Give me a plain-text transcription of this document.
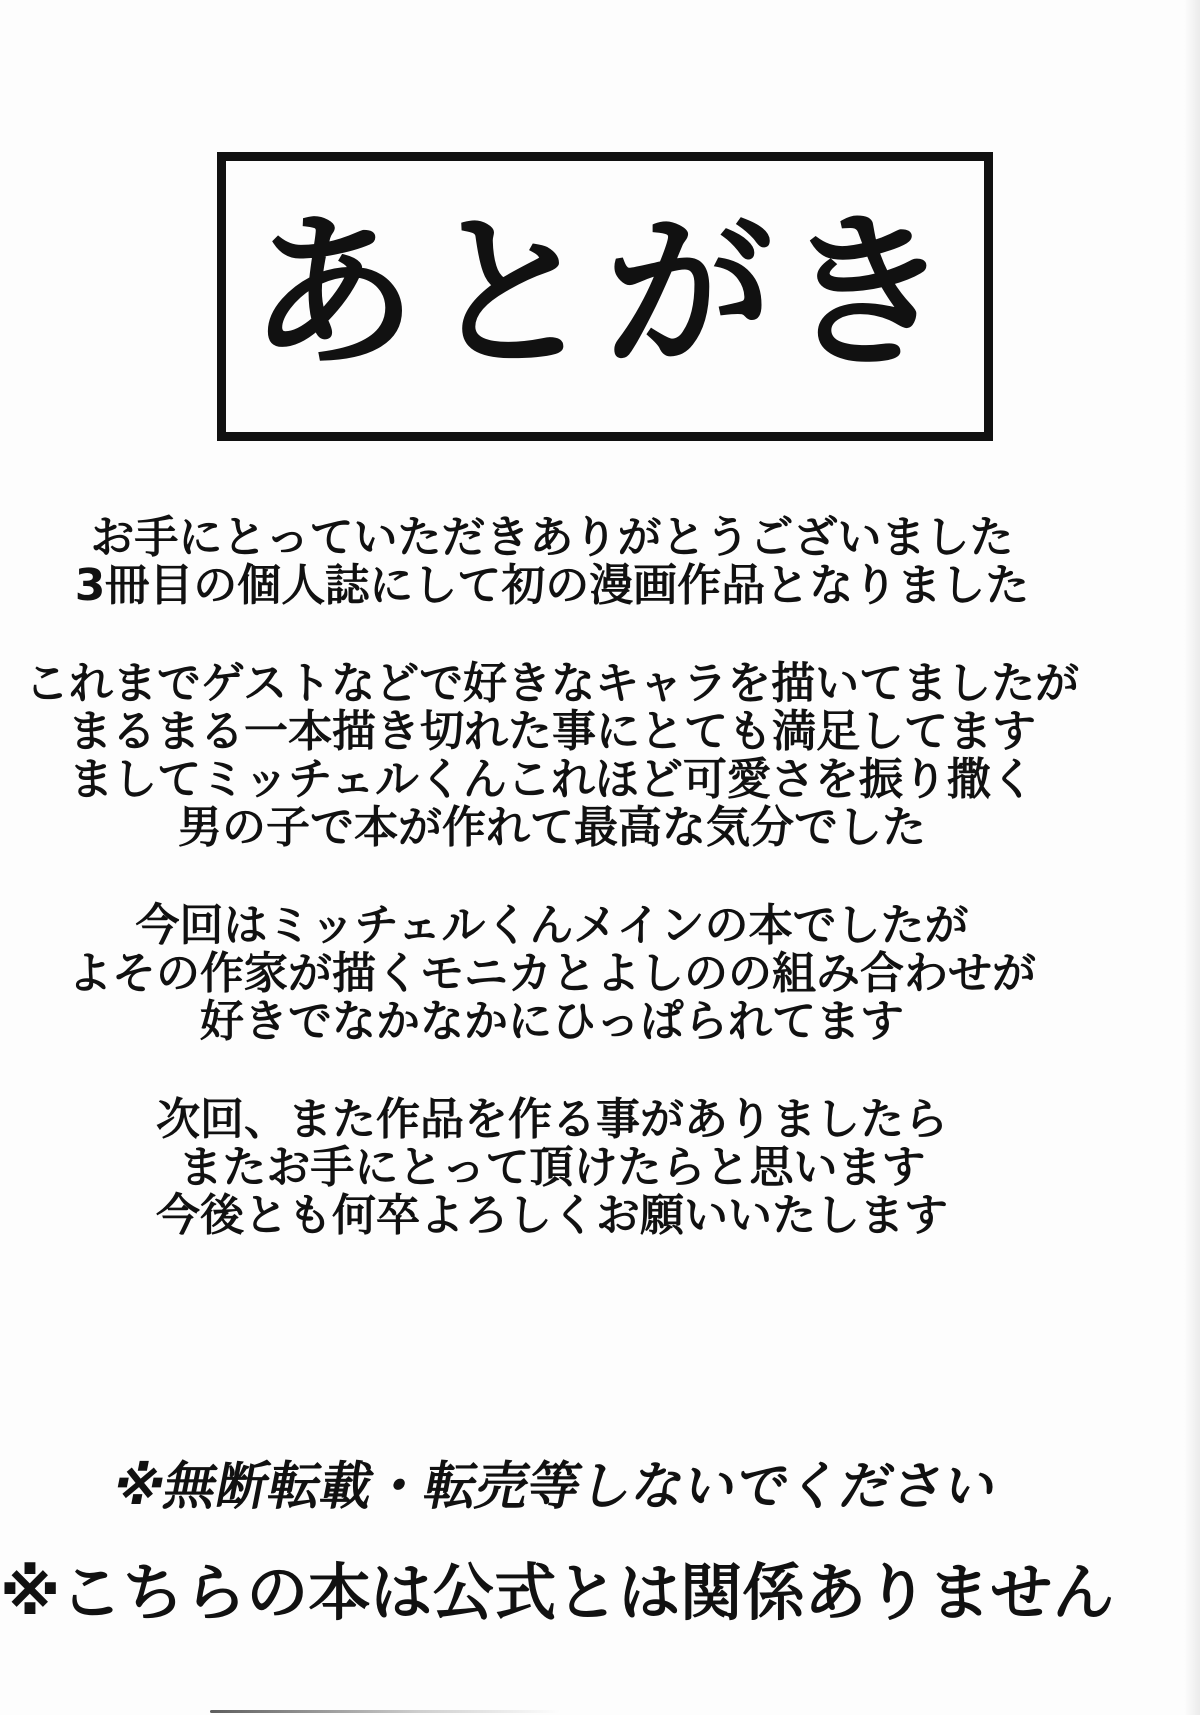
あとがき
お手にとっていただきありがとうございました
3冊目の個人誌にして初の漫画作品となりました
これまでゲストなどで好きなキャラを描いてましたが
まるまる一本描き切れた事にとても満足してます
ましてミッチェルくんこれほど可愛さを振り撒く
男の子で本が作れて最高な気分でした
今回はミッチェルくんメインの本でしたが
よその作家が描くモニカとよしのの組み合わせが
好きでなかなかにひっぱられてます
次回、また作品を作る事がありましたら
またお手にとって頂けたらと思います
今後とも何卒よろしくお願いいたします
※無断転載・転売等しないでください
※こちらの本は公式とは関係ありません
